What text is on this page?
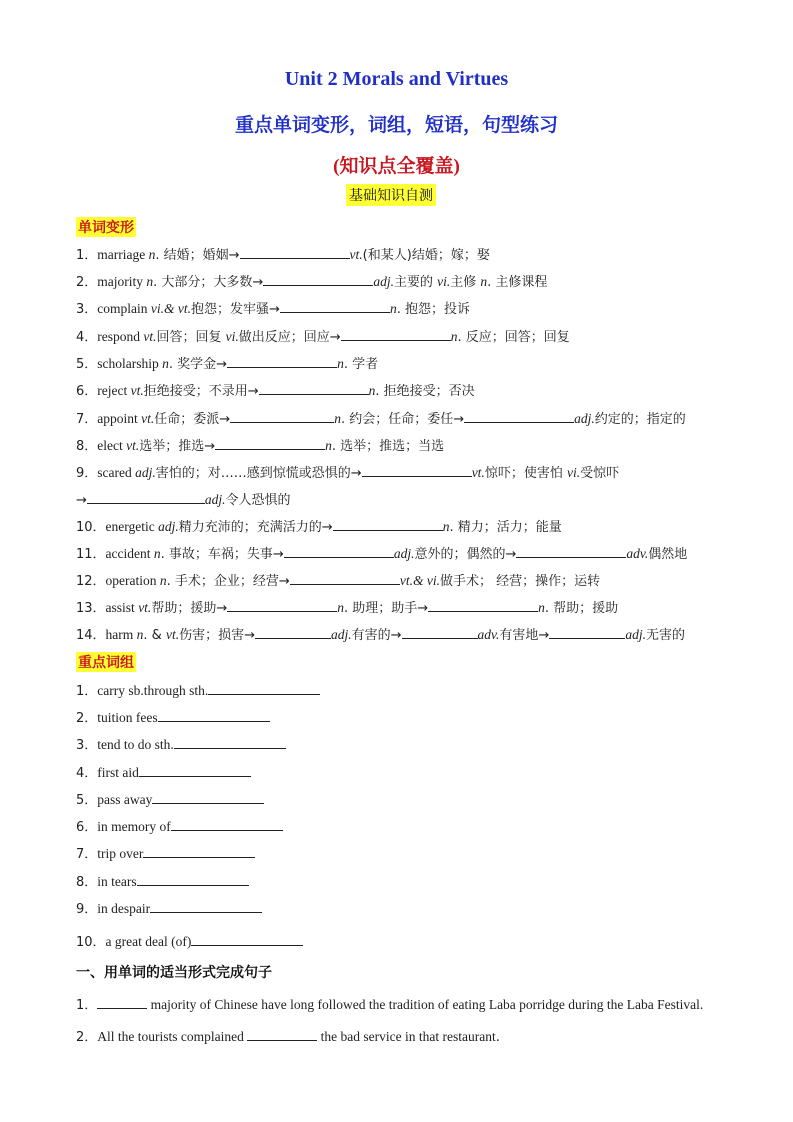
Unit 2 Morals and Virtues
重点单词变形，词组，短语，句型练习
(知识点全覆盖)
基础知识自测
单词变形
1．marriage n. 结婚；婚姻→	vt.(和某人)结婚；嫁；娶
2．majority n. 大部分；大多数→	adj.主要的 vi.主修 n. 主修课程
3．complain vi.& vt.抱怨；发牢骚→	n. 抱怨；投诉
4．respond vt.回答；回复 vi.做出反应；回应→	n. 反应；回答；回复
5．scholarship n. 奖学金→	n. 学者
6．reject vt.拒绝接受；不录用→	n. 拒绝接受；否决
7．appoint vt.任命；委派→	n. 约会；任命；委任→	adj.约定的；指定的
8．elect vt.选举；推选→	n. 选举；推选；当选
9．scared adj.害怕的；对……感到惊慌或恐惧的→	vt.惊吓；使害怕 vi.受惊吓
→	adj.令人恐惧的
10．energetic adj.精力充沛的；充满活力的→	n. 精力；活力；能量
11．accident n. 事故；车祸；失事→	adj.意外的；偶然的→	adv.偶然地
12．operation n. 手术；企业；经营→	vt.& vi.做手术； 经营；操作；运转
13．assist vt.帮助；援助→	n. 助理；助手→	n. 帮助；援助
14．harm n. & vt.伤害；损害→	adj.有害的→	adv.有害地→	adj.无害的
重点词组
1．carry sb.through sth.
2．tuition fees
3．tend to do sth.
4．first aid
5．pass away
6．in memory of
7．trip over
8．in tears
9．in despair
10．a great deal (of)
一、用单词的适当形式完成句子
1．	majority of Chinese have long followed the tradition of eating Laba porridge during the Laba Festival.
2．All the tourists complained	the bad service in that restaurant．
